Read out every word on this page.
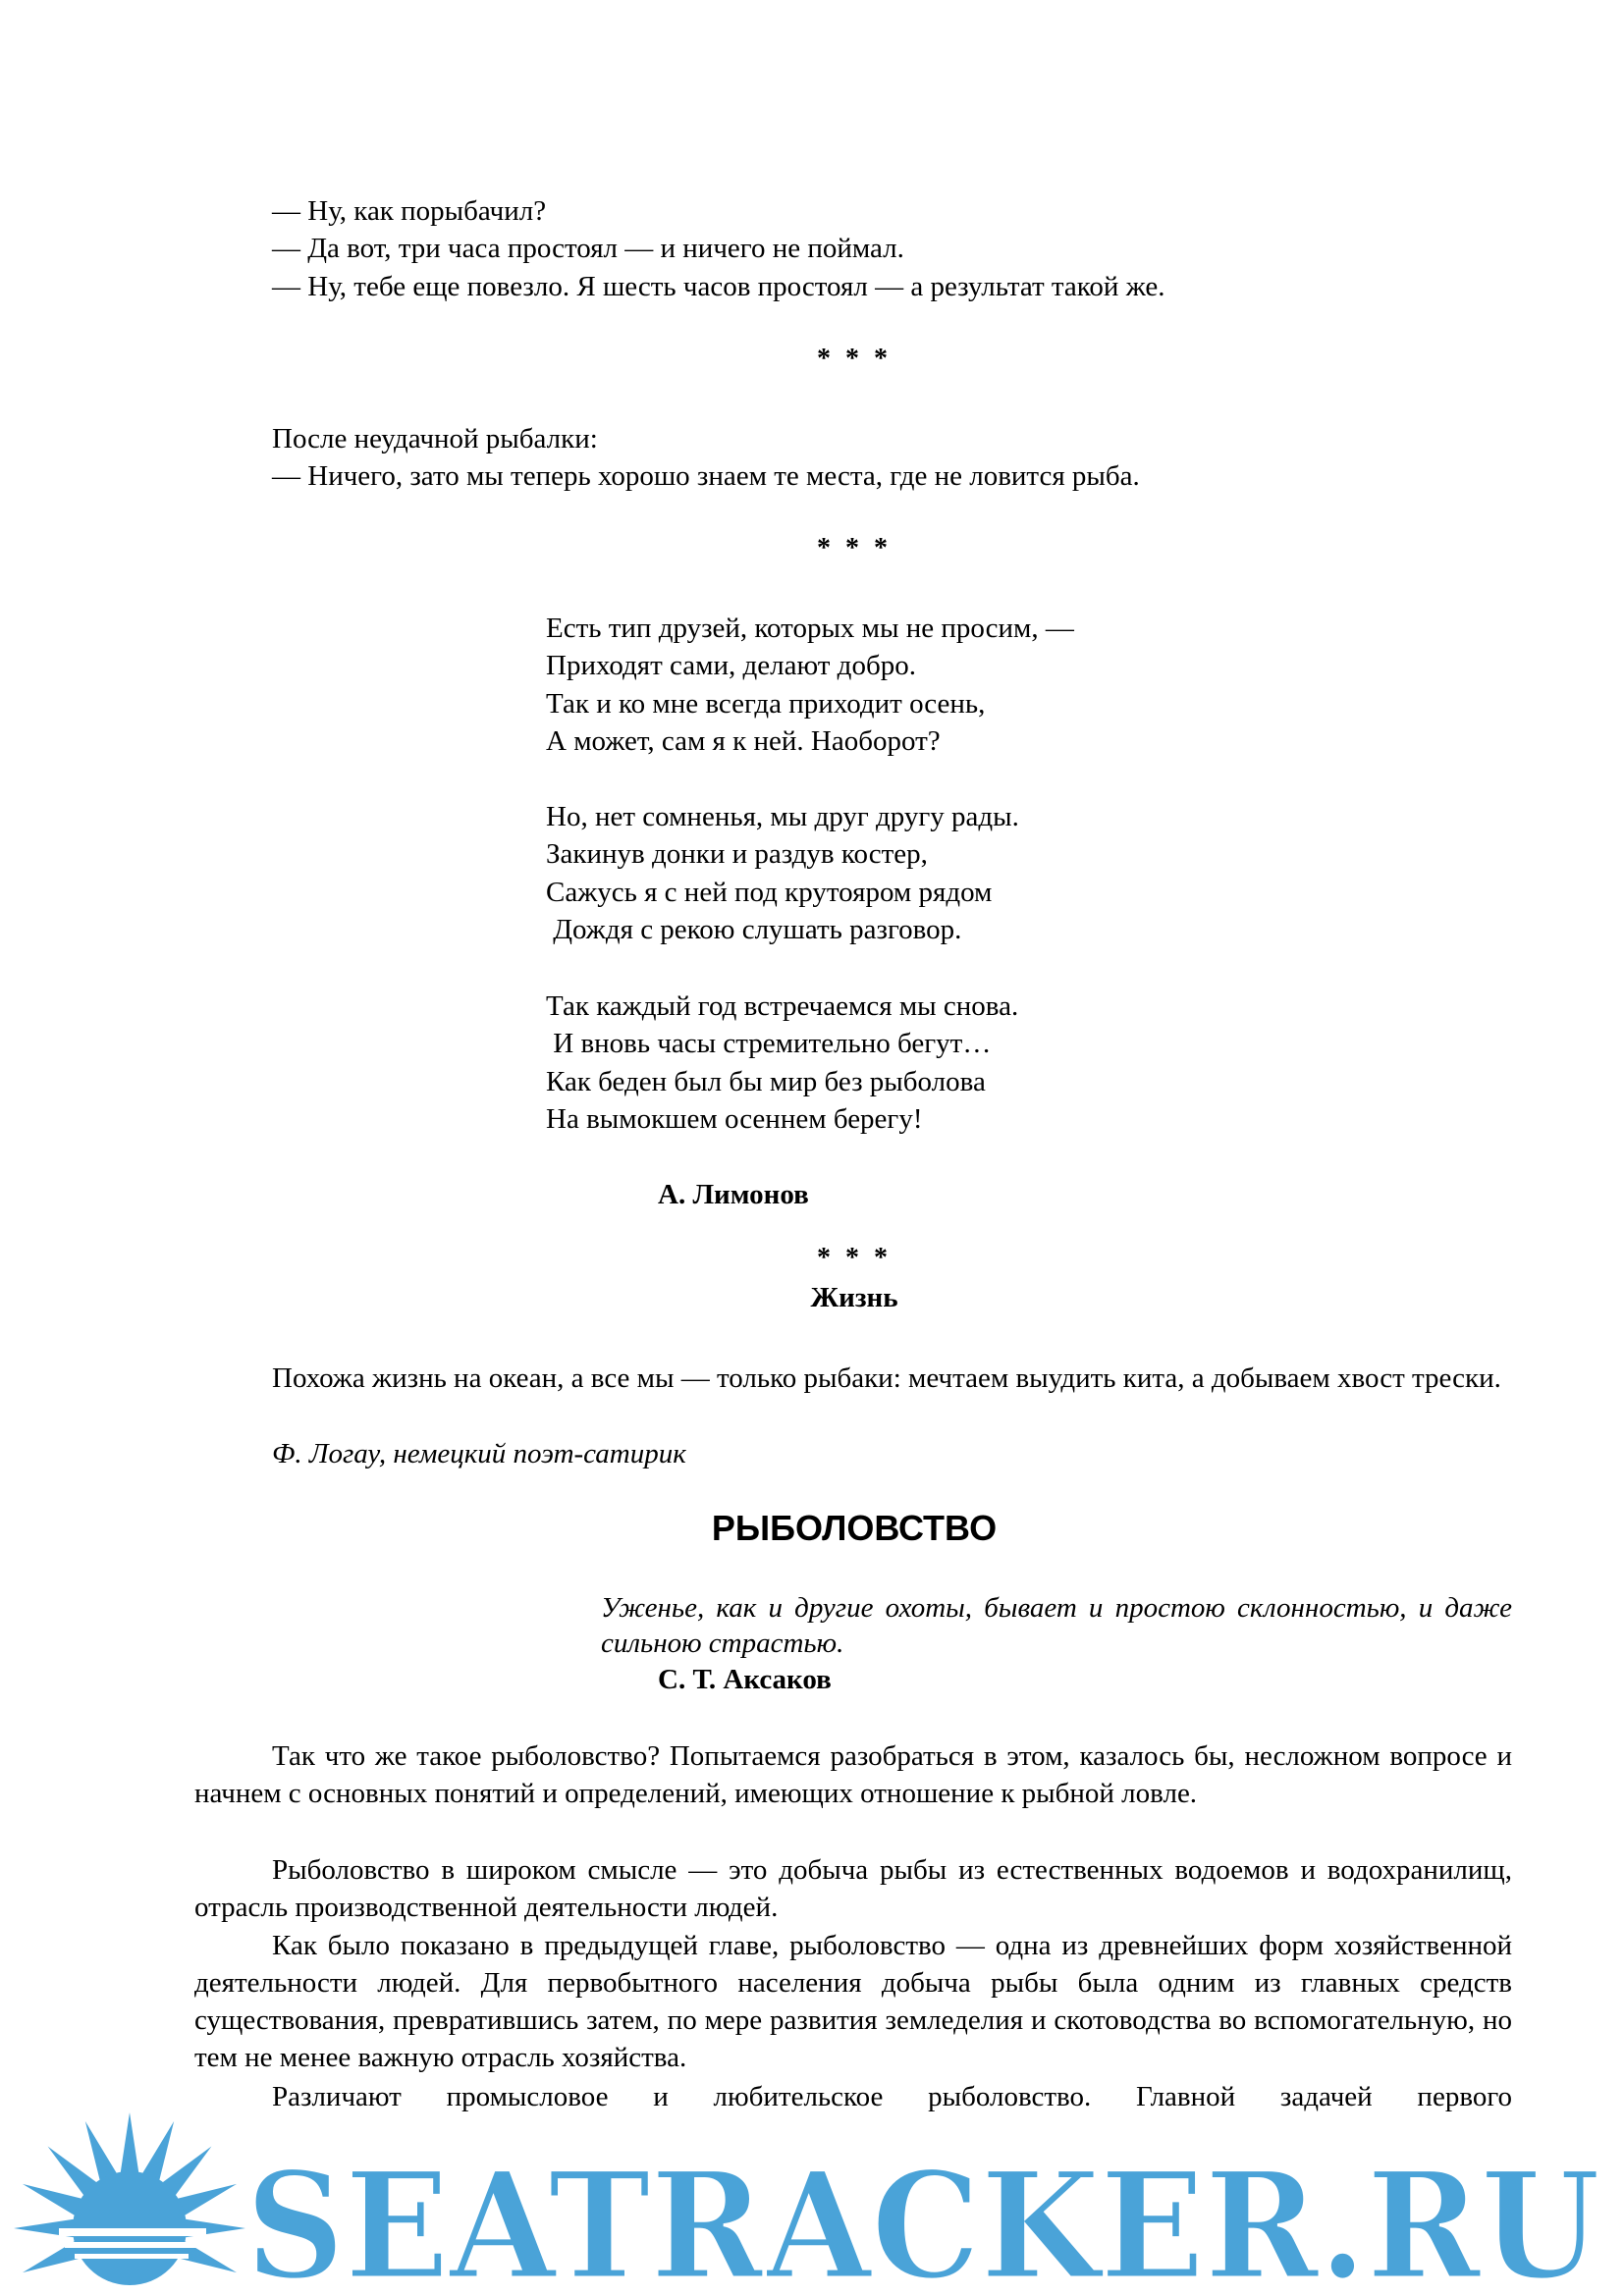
— Ну, как порыбачил?
— Да вот, три часа простоял — и ничего не поймал.
— Ну, тебе еще повезло. Я шесть часов простоял — а результат такой же.
* * *
После неудачной рыбалки:
— Ничего, зато мы теперь хорошо знаем те места, где не ловится рыба.
* * *
Есть тип друзей, которых мы не просим, —
Приходят сами, делают добро.
Так и ко мне всегда приходит осень,
А может, сам я к ней. Наоборот?
Но, нет сомненья, мы друг другу рады.
Закинув донки и раздув костер,
Сажусь я с ней под крутояром рядом
Дождя с рекою слушать разговор.
Так каждый год встречаемся мы снова.
И вновь часы стремительно бегут…
Как беден был бы мир без рыболова
На вымокшем осеннем берегу!
А. Лимонов
* * *
Жизнь
Похожа жизнь на океан, а все мы — только рыбаки: мечтаем выудить кита, а добываем хвост трески.
Ф. Логау, немецкий поэт-сатирик
РЫБОЛОВСТВО
Уженье, как и другие охоты, бывает и простою склонностью, и даже сильною страстью.
С. Т. Аксаков
Так что же такое рыболовство? Попытаемся разобраться в этом, казалось бы, несложном вопросе и начнем с основных понятий и определений, имеющих отношение к рыбной ловле.
Рыболовство в широком смысле — это добыча рыбы из естественных водоемов и водохранилищ, отрасль производственной деятельности людей.
Как было показано в предыдущей главе, рыболовство — одна из древнейших форм хозяйственной деятельности людей. Для первобытного населения добыча рыбы была одним из главных средств существования, превратившись затем, по мере развития земледелия и скотоводства во вспомогательную, но тем не менее важную отрасль хозяйства.
Различают промысловое и любительское рыболовство. Главной задачей первого
SEATRACKER.RU
